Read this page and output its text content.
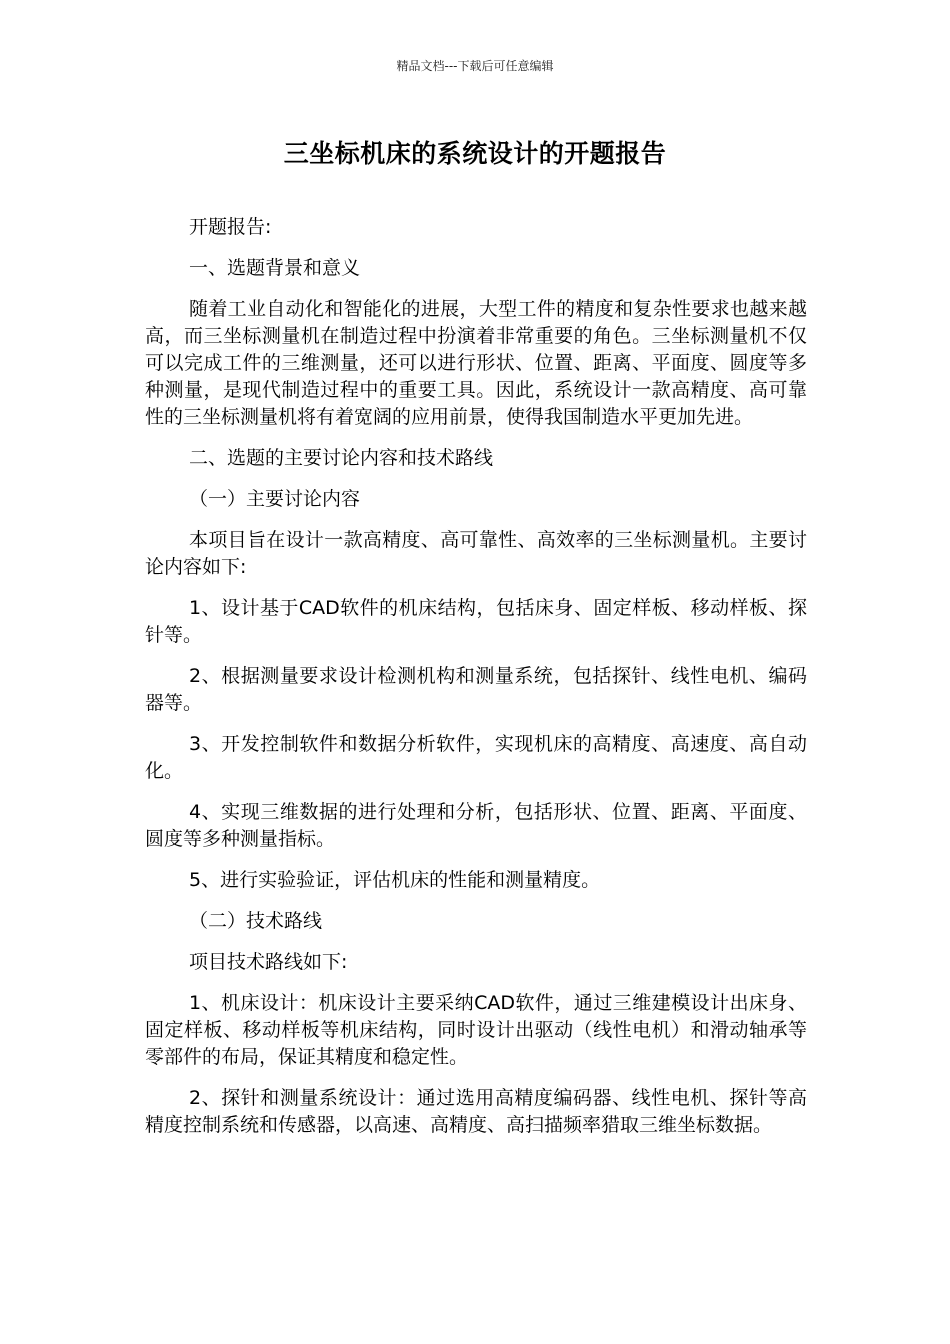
精品文档---下载后可任意编辑
三坐标机床的系统设计的开题报告

开题报告:

一、选题背景和意义

随着工业自动化和智能化的进展，大型工件的精度和复杂性要求也越来越高，而三坐标测量机在制造过程中扮演着非常重要的角色。三坐标测量机不仅可以完成工件的三维测量，还可以进行形状、位置、距离、平面度、圆度等多种测量，是现代制造过程中的重要工具。因此，系统设计一款高精度、高可靠性的三坐标测量机将有着宽阔的应用前景，使得我国制造水平更加先进。

二、选题的主要讨论内容和技术路线

（一）主要讨论内容

本项目旨在设计一款高精度、高可靠性、高效率的三坐标测量机。主要讨论内容如下:

1、设计基于CAD软件的机床结构，包括床身、固定样板、移动样板、探针等。

2、根据测量要求设计检测机构和测量系统，包括探针、线性电机、编码器等。

3、开发控制软件和数据分析软件，实现机床的高精度、高速度、高自动化。

4、实现三维数据的进行处理和分析，包括形状、位置、距离、平面度、圆度等多种测量指标。

5、进行实验验证，评估机床的性能和测量精度。

（二）技术路线

项目技术路线如下:

1、机床设计：机床设计主要采纳CAD软件，通过三维建模设计出床身、固定样板、移动样板等机床结构，同时设计出驱动（线性电机）和滑动轴承等零部件的布局，保证其精度和稳定性。

2、探针和测量系统设计：通过选用高精度编码器、线性电机、探针等高精度控制系统和传感器，以高速、高精度、高扫描频率猎取三维坐标数据。
